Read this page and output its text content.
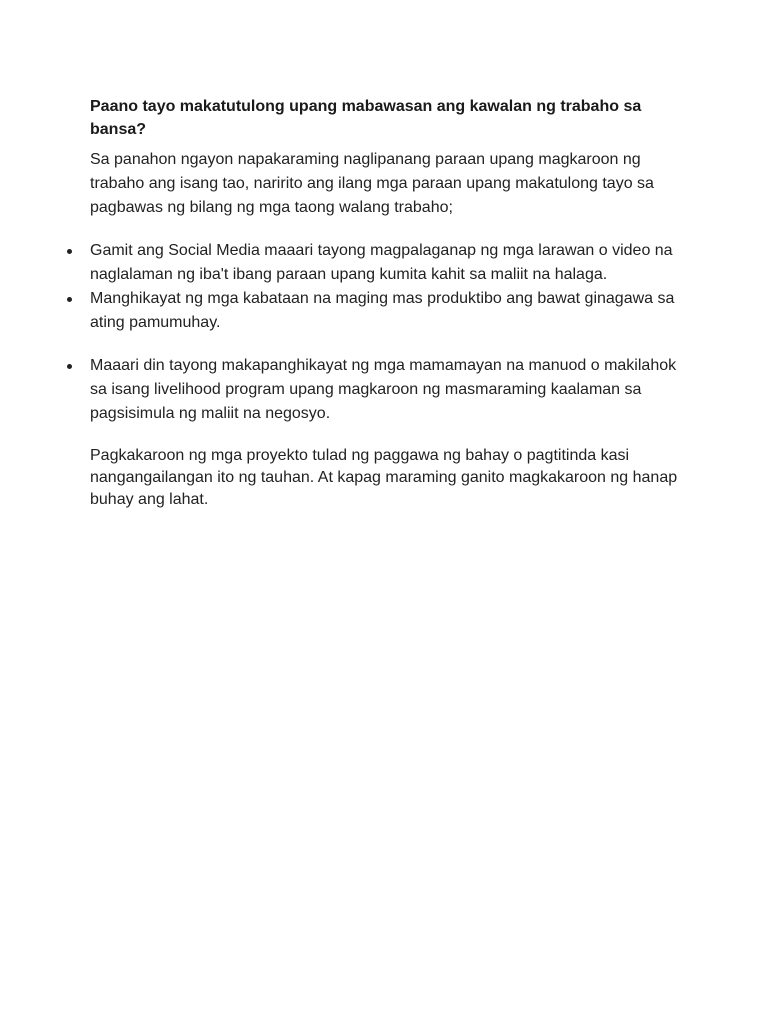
Paano tayo makatutulong upang mabawasan ang kawalan ng trabaho sa bansa?

Sa panahon ngayon napakaraming naglipanang paraan upang magkaroon ng trabaho ang isang tao, naririto ang ilang mga paraan upang makatulong tayo sa pagbawas ng bilang ng mga taong walang trabaho;

Gamit ang Social Media maaari tayong magpalaganap ng mga larawan o video na naglalaman ng iba't ibang paraan upang kumita kahit sa maliit na halaga.
Manghikayat ng mga kabataan na maging mas produktibo ang bawat ginagawa sa ating pamumuhay.
Maaari din tayong makapanghikayat ng mga mamamayan na manuod o makilahok sa isang livelihood program upang magkaroon ng masmaraming kaalaman sa pagsisimula ng maliit na negosyo.

Pagkakaroon ng mga proyekto tulad ng paggawa ng bahay o pagtitinda kasi nangangailangan ito ng tauhan. At kapag maraming ganito magkakaroon ng hanap buhay ang lahat.
